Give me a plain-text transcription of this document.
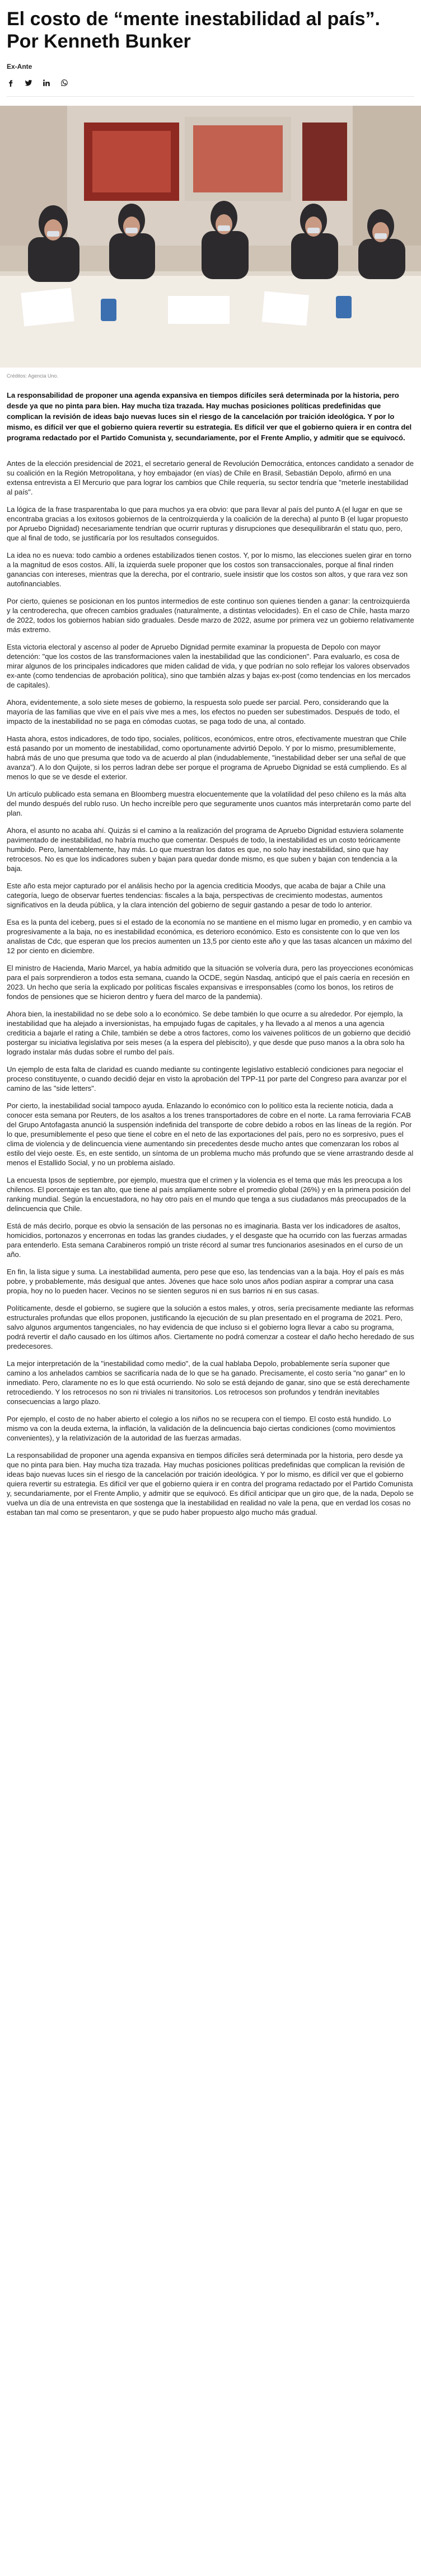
El costo de “mente inestabilidad al país”. Por Kenneth Bunker
Ex-Ante
Créditos: Agencia Uno.

La responsabilidad de proponer una agenda expansiva en tiempos difíciles será determinada por la historia, pero desde ya que no pinta para bien. Hay mucha tiza trazada. Hay muchas posiciones políticas predefinidas que complican la revisión de ideas bajo nuevas luces sin el riesgo de la cancelación por traición ideológica. Y por lo mismo, es difícil ver que el gobierno quiera revertir su estrategia. Es difícil ver que el gobierno quiera ir en contra del programa redactado por el Partido Comunista y, secundariamente, por el Frente Amplio, y admitir que se equivocó.

Antes de la elección presidencial de 2021, el secretario general de Revolución Democrática, entonces candidato a senador de su coalición en la Región Metropolitana, y hoy embajador (en vías) de Chile en Brasil, Sebastián Depolo, afirmó en una extensa entrevista a El Mercurio que para lograr los cambios que Chile requería, su sector tendría que "meterle inestabilidad al país".

La lógica de la frase trasparentaba lo que para muchos ya era obvio: que para llevar al país del punto A (el lugar en que se encontraba gracias a los exitosos gobiernos de la centroizquierda y la coalición de la derecha) al punto B (el lugar propuesto por Apruebo Dignidad) necesariamente tendrían que ocurrir rupturas y disrupciones que desequilibrarán el statu quo, pero, que al final de todo, se justificaría por los resultados conseguidos.

La idea no es nueva: todo cambio a ordenes estabilizados tienen costos. Y, por lo mismo, las elecciones suelen girar en torno a la magnitud de esos costos. Allí, la izquierda suele proponer que los costos son transaccionales, porque al final rinden ganancias con intereses, mientras que la derecha, por el contrario, suele insistir que los costos son altos, y que rara vez son autofinanciables.

Por cierto, quienes se posicionan en los puntos intermedios de este continuo son quienes tienden a ganar: la centroizquierda y la centroderecha, que ofrecen cambios graduales (naturalmente, a distintas velocidades). En el caso de Chile, hasta marzo de 2022, todos los gobiernos habían sido graduales. Desde marzo de 2022, asume por primera vez un gobierno relativamente más extremo.

Esta victoria electoral y ascenso al poder de Apruebo Dignidad permite examinar la propuesta de Depolo con mayor detención: "que los costos de las transformaciones valen la inestabilidad que las condicionen". Para evaluarlo, es cosa de mirar algunos de los principales indicadores que miden calidad de vida, y que podrían no solo reflejar los valores observados ex-ante (como tendencias de aprobación política), sino que también alzas y bajas ex-post (como tendencias en los mercados de capitales).

Ahora, evidentemente, a solo siete meses de gobierno, la respuesta solo puede ser parcial. Pero, considerando que la mayoría de las familias que vive en el país vive mes a mes, los efectos no pueden ser subestimados. Después de todo, el impacto de la inestabilidad no se paga en cómodas cuotas, se paga todo de una, al contado.

Hasta ahora, estos indicadores, de todo tipo, sociales, políticos, económicos, entre otros, efectivamente muestran que Chile está pasando por un momento de inestabilidad, como oportunamente advirtió Depolo. Y por lo mismo, presumiblemente, habrá más de uno que presuma que todo va de acuerdo al plan (indudablemente, "inestabilidad deber ser una señal de que avanza"). A lo don Quijote, si los perros ladran debe ser porque el programa de Apruebo Dignidad se está cumpliendo. Es al menos lo que se ve desde el exterior.

Un artículo publicado esta semana en Bloomberg muestra elocuentemente que la volatilidad del peso chileno es la más alta del mundo después del rublo ruso. Un hecho increíble pero que seguramente unos cuantos más interpretarán como parte del plan.

Ahora, el asunto no acaba ahí. Quizás si el camino a la realización del programa de Apruebo Dignidad estuviera solamente pavimentado de inestabilidad, no habría mucho que comentar. Después de todo, la inestabilidad es un costo teóricamente humbido. Pero, lamentablemente, hay más. Lo que muestran los datos es que, no solo hay inestabilidad, sino que hay retrocesos. No es que los indicadores suben y bajan para quedar donde mismo, es que suben y bajan con tendencia a la baja.

Este año esta mejor capturado por el análisis hecho por la agencia crediticia Moodys, que acaba de bajar a Chile una categoría, luego de observar fuertes tendencias: fiscales a la baja, perspectivas de crecimiento modestas, aumentos significativos en la deuda pública, y la clara intención del gobierno de seguir gastando a pesar de todo lo anterior.

Esa es la punta del iceberg, pues si el estado de la economía no se mantiene en el mismo lugar en promedio, y en cambio va progresivamente a la baja, no es inestabilidad económica, es deterioro económico. Esto es consistente con lo que ven los analistas de Cdc, que esperan que los precios aumenten un 13,5 por ciento este año y que las tasas alcancen un máximo del 12 por ciento en diciembre.

El ministro de Hacienda, Mario Marcel, ya había admitido que la situación se volvería dura, pero las proyecciones económicas para el país sorprendieron a todos esta semana, cuando la OCDE, según Nasdaq, anticipó que el país caería en recesión en 2023. Un hecho que sería la explicado por políticas fiscales expansivas e irresponsables (como los bonos, los retiros de fondos de pensiones que se hicieron dentro y fuera del marco de la pandemia).

Ahora bien, la inestabilidad no se debe solo a lo económico. Se debe también lo que ocurre a su alrededor. Por ejemplo, la inestabilidad que ha alejado a inversionistas, ha empujado fugas de capitales, y ha llevado a al menos a una agencia crediticia a bajarle el rating a Chile, también se debe a otros factores, como los vaivenes políticos de un gobierno que decidió postergar su iniciativa legislativa por seis meses (a la espera del plebiscito), y que desde que puso manos a la obra solo ha logrado instalar más dudas sobre el rumbo del país.

Un ejemplo de esta falta de claridad es cuando mediante su contingente legislativo estableció condiciones para negociar el proceso constituyente, o cuando decidió dejar en visto la aprobación del TPP-11 por parte del Congreso para avanzar por el camino de las "side letters".

Por cierto, la inestabilidad social tampoco ayuda. Enlazando lo económico con lo político esta la reciente noticia, dada a conocer esta semana por Reuters, de los asaltos a los trenes transportadores de cobre en el norte. La rama ferroviaria FCAB del Grupo Antofagasta anunció la suspensión indefinida del transporte de cobre debido a robos en las líneas de la región. Por lo que, presumiblemente el peso que tiene el cobre en el neto de las exportaciones del país, pero no es sorpresivo, pues el clima de violencia y de delincuencia viene aumentando sin precedentes desde mucho antes que comenzaran los robos al estilo del viejo oeste. Es, en este sentido, un síntoma de un problema mucho más profundo que se viene arrastrando desde al menos el Estallido Social, y no un problema aislado.

La encuesta Ipsos de septiembre, por ejemplo, muestra que el crimen y la violencia es el tema que más les preocupa a los chilenos. El porcentaje es tan alto, que tiene al país ampliamente sobre el promedio global (26%) y en la primera posición del ranking mundial. Según la encuestadora, no hay otro país en el mundo que tenga a sus ciudadanos más preocupados de la delincuencia que Chile.

Está de más decirlo, porque es obvio la sensación de las personas no es imaginaria. Basta ver los indicadores de asaltos, homicidios, portonazos y encerronas en todas las grandes ciudades, y el desgaste que ha ocurrido con las fuerzas armadas para entenderlo. Esta semana Carabineros rompió un triste récord al sumar tres funcionarios asesinados en el curso de un año.

En fin, la lista sigue y suma. La inestabilidad aumenta, pero pese que eso, las tendencias van a la baja. Hoy el país es más pobre, y probablemente, más desigual que antes. Jóvenes que hace solo unos años podían aspirar a comprar una casa propia, hoy no lo pueden hacer. Vecinos no se sienten seguros ni en sus barrios ni en sus casas.

Políticamente, desde el gobierno, se sugiere que la solución a estos males, y otros, sería precisamente mediante las reformas estructurales profundas que ellos proponen, justificando la ejecución de su plan presentado en el programa de 2021. Pero, salvo algunos argumentos tangenciales, no hay evidencia de que incluso si el gobierno logra llevar a cabo su programa, podrá revertir el daño causado en los últimos años. Ciertamente no podrá comenzar a costear el daño hecho heredado de sus predecesores.

La mejor interpretación de la "inestabilidad como medio", de la cual hablaba Depolo, probablemente sería suponer que camino a los anhelados cambios se sacrificaría nada de lo que se ha ganado. Precisamente, el costo sería "no ganar" en lo inmediato. Pero, claramente no es lo que está ocurriendo. No solo se está dejando de ganar, sino que se está derechamente retrocediendo. Y los retrocesos no son ni triviales ni transitorios. Los retrocesos son profundos y tendrán inevitables consecuencias a largo plazo.

Por ejemplo, el costo de no haber abierto el colegio a los niños no se recupera con el tiempo. El costo está hundido. Lo mismo va con la deuda externa, la inflación, la validación de la delincuencia bajo ciertas condiciones (como movimientos convenientes), y la relativización de la autoridad de las fuerzas armadas.

La responsabilidad de proponer una agenda expansiva en tiempos difíciles será determinada por la historia, pero desde ya que no pinta para bien. Hay mucha tiza trazada. Hay muchas posiciones políticas predefinidas que complican la revisión de ideas bajo nuevas luces sin el riesgo de la cancelación por traición ideológica. Y por lo mismo, es difícil ver que el gobierno quiera revertir su estrategia. Es difícil ver que el gobierno quiera ir en contra del programa redactado por el Partido Comunista y, secundariamente, por el Frente Amplio, y admitir que se equivocó. Es difícil anticipar que un giro que, de la nada, Depolo se vuelva un día de una entrevista en que sostenga que la inestabilidad en realidad no vale la pena, que en verdad los cosas no estaban tan mal como se presentaron, y que se pudo haber propuesto algo mucho más gradual.
